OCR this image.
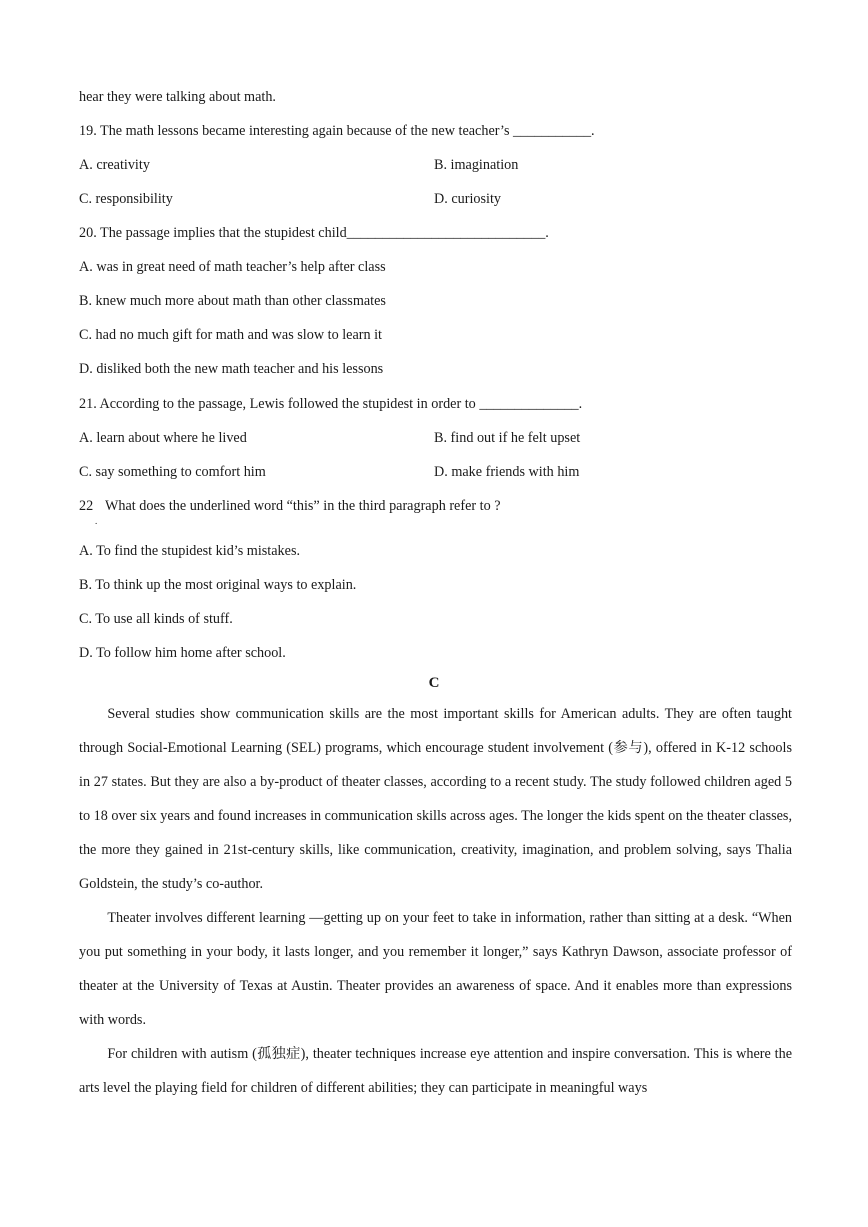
hear they were talking about math.
19. The math lessons became interesting again because of the new teacher’s ___________.
A. creativity	B. imagination
C. responsibility	D. curiosity
20. The passage implies that the stupidest child____________________________.
A. was in great need of math teacher’s help after class
B. knew much more about math than other classmates
C. had no much gift for math and was slow to learn it
D. disliked both the new math teacher and his lessons
21. According to the passage, Lewis followed the stupidest in order to ______________.
A. learn about where he lived	B. find out if he felt upset
C. say something to comfort him	D. make friends with him
22
.
What does the underlined word “this” in the third paragraph refer to ?
A. To find the stupidest kid’s mistakes.
B. To think up the most original ways to explain.
C. To use all kinds of stuff.
D. To follow him home after school.
C

Several studies show communication skills are the most important skills for American adults. They are often taught through Social-Emotional Learning (SEL) programs, which encourage student involvement (参与), offered in K-12 schools in 27 states. But they are also a by-product of theater classes, according to a recent study. The study followed children aged 5 to 18 over six years and found increases in communication skills across ages. The longer the kids spent on the theater classes, the more they gained in 21st-century skills, like communication, creativity, imagination, and problem solving, says Thalia Goldstein, the study’s co-author.

Theater involves different learning —getting up on your feet to take in information, rather than sitting at a desk. “When you put something in your body, it lasts longer, and you remember it longer,” says Kathryn Dawson, associate professor of theater at the University of Texas at Austin. Theater provides an awareness of space. And it enables more than expressions with words.

For children with autism (孤独症), theater techniques increase eye attention and inspire conversation. This is where the arts level the playing field for children of different abilities; they can participate in meaningful ways
